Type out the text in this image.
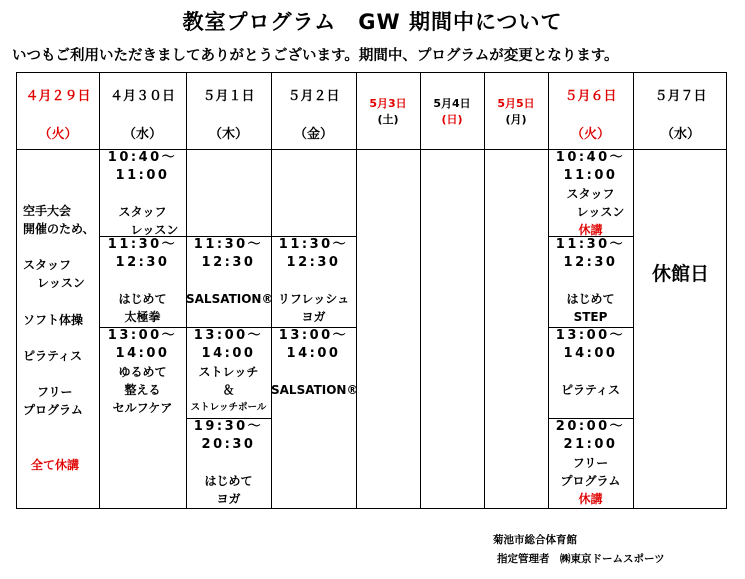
教室プログラム　GW 期間中について
いつもご利用いただきましてありがとうございます。期間中、プログラムが変更となります。
４月２９日
（火）
４月３０日
（水）
５月１日
（木）
５月２日
（金）
5月3日
(土)
5月4日
(日)
5月5日
(月)
５月６日
（火）
５月７日
（水）
空手大会
開催のため、
スタッフ
レッスン
ソフト体操
ピラティス
フリー
プログラム
全て休講
10:40～
11:00
スタッフ
レッスン
11:30～
12:30
はじめて
太極拳
13:00～
14:00
ゆるめて
整える
セルフケア
11:30～
12:30
SALSATION®
13:00～
14:00
ストレッチ
＆
ストレッチポール
19:30～
20:30
はじめて
ヨガ
11:30～
12:30
リフレッシュ
ヨガ
13:00～
14:00
SALSATION®
10:40～
11:00
スタッフ
レッスン
休講
11:30～
12:30
はじめて
STEP
13:00～
14:00
ピラティス
20:00～
21:00
フリー
プログラム
休講
休館日
菊池市総合体育館
指定管理者　㈱東京ドームスポーツ
